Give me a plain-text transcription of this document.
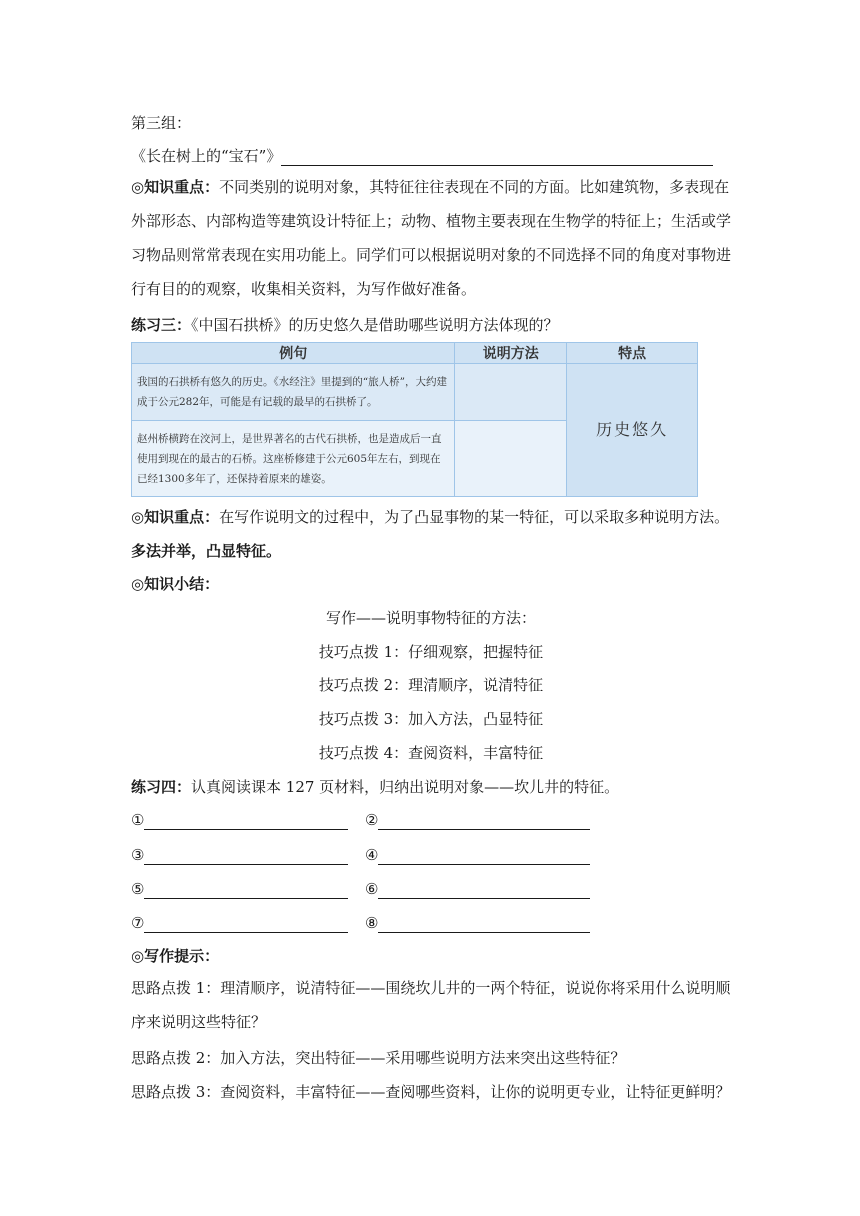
第三组：
《长在树上的“宝石”》
◎知识重点：不同类别的说明对象，其特征往往表现在不同的方面。比如建筑物，多表现在外部形态、内部构造等建筑设计特征上；动物、植物主要表现在生物学的特征上；生活或学习物品则常常表现在实用功能上。同学们可以根据说明对象的不同选择不同的角度对事物进行有目的的观察，收集相关资料，为写作做好准备。
练习三：《中国石拱桥》的历史悠久是借助哪些说明方法体现的？
例句	说明方法	特点
我国的石拱桥有悠久的历史。《水经注》里提到的“旅人桥”，大约建成于公元282年，可能是有记载的最早的石拱桥了。		历史悠久
赵州桥横跨在洨河上，是世界著名的古代石拱桥，也是造成后一直使用到现在的最古的石桥。这座桥修建于公元605年左右，到现在已经1300多年了，还保持着原来的雄姿。		
◎知识重点：在写作说明文的过程中，为了凸显事物的某一特征，可以采取多种说明方法。
多法并举，凸显特征。
◎知识小结：
写作——说明事物特征的方法：
技巧点拨 1：仔细观察，把握特征
技巧点拨 2：理清顺序，说清特征
技巧点拨 3：加入方法，凸显特征
技巧点拨 4：查阅资料，丰富特征
练习四：认真阅读课本 127 页材料，归纳出说明对象——坎儿井的特征。
①	②
③	④
⑤	⑥
⑦	⑧
◎写作提示：
思路点拨 1：理清顺序，说清特征——围绕坎儿井的一两个特征，说说你将采用什么说明顺序来说明这些特征？
思路点拨 2：加入方法，突出特征——采用哪些说明方法来突出这些特征？
思路点拨 3：查阅资料，丰富特征——查阅哪些资料，让你的说明更专业，让特征更鲜明？
